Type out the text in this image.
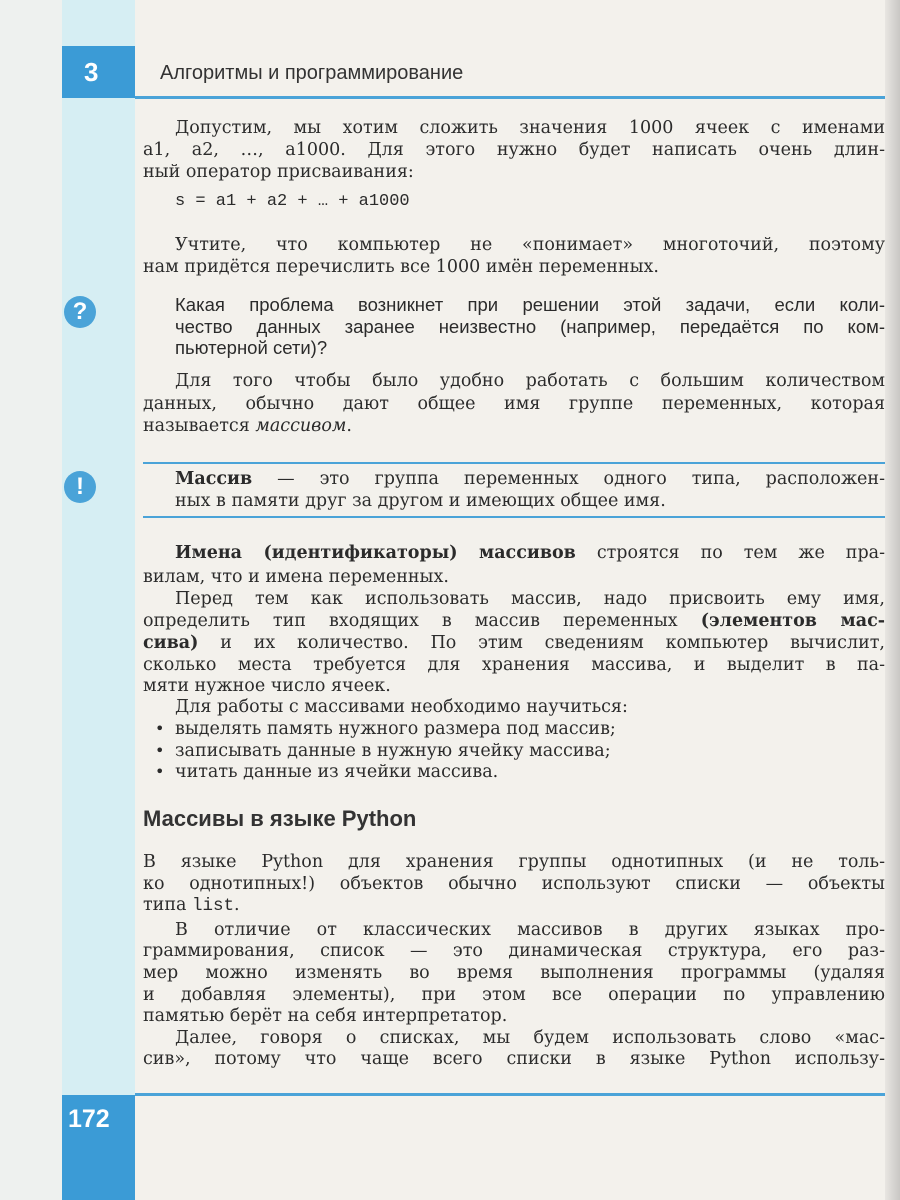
3	Алгоритмы и программирование
Допустим, мы хотим сложить значения 1000 ячеек с именами
a1, a2, …, a1000. Для этого нужно будет написать очень длин-
ный оператор присваивания:
s = a1 + a2 + … + a1000
Учтите, что компьютер не «понимает» многоточий, поэтому
нам придётся перечислить все 1000 имён переменных.
?	Какая проблема возникнет при решении этой задачи, если коли-
чество данных заранее неизвестно (например, передаётся по ком-
пьютерной сети)?
Для того чтобы было удобно работать с большим количеством
данных, обычно дают общее имя группе переменных, которая
называется массивом.
!	Массив — это группа переменных одного типа, расположен-
ных в памяти друг за другом и имеющих общее имя.
Имена (идентификаторы) массивов строятся по тем же пра-
вилам, что и имена переменных.
Перед тем как использовать массив, надо присвоить ему имя,
определить тип входящих в массив переменных (элементов мас-
сива) и их количество. По этим сведениям компьютер вычислит,
сколько места требуется для хранения массива, и выделит в па-
мяти нужное число ячеек.
Для работы с массивами необходимо научиться:
• выделять память нужного размера под массив;
• записывать данные в нужную ячейку массива;
• читать данные из ячейки массива.
Массивы в языке Python
В языке Python для хранения группы однотипных (и не толь-
ко однотипных!) объектов обычно используют списки — объекты
типа list.
В отличие от классических массивов в других языках про-
граммирования, список — это динамическая структура, его раз-
мер можно изменять во время выполнения программы (удаляя
и добавляя элементы), при этом все операции по управлению
памятью берёт на себя интерпретатор.
Далее, говоря о списках, мы будем использовать слово «мас-
сив», потому что чаще всего списки в языке Python использу-
172
